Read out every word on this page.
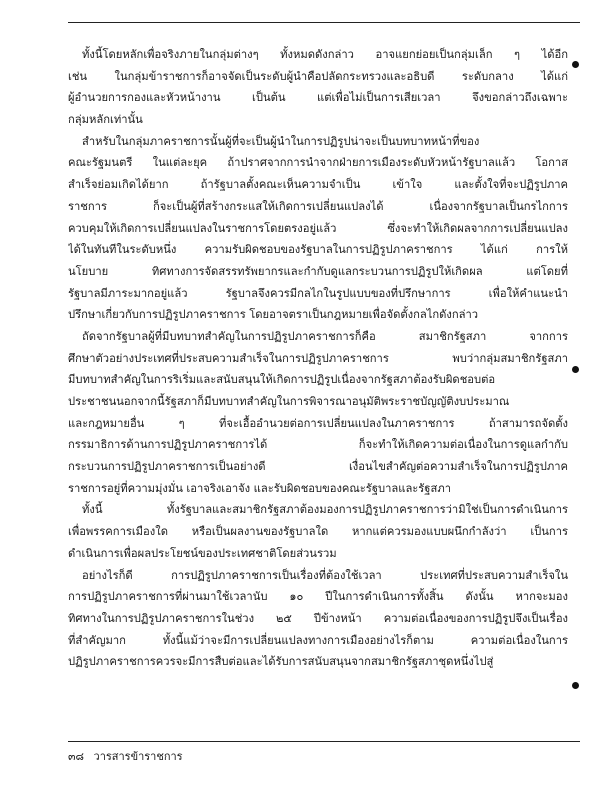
ทั้งนี้โดยหลักเพื่อจริงภายในกลุ่มต่างๆ ทั้งหมดดังกล่าว อาจแยกย่อยเป็นกลุ่มเล็ก ๆ ได้อีก
เช่น ในกลุ่มข้าราชการก็อาจจัดเป็นระดับผู้นำคือปลัดกระทรวงและอธิบดี ระดับกลาง ได้แก่
ผู้อำนวยการกองและหัวหน้างาน เป็นต้น แต่เพื่อไม่เป็นการเสียเวลา จึงขอกล่าวถึงเฉพาะ
กลุ่มหลักเท่านั้น
สำหรับในกลุ่มภาคราชการนั้นผู้ที่จะเป็นผู้นำในการปฏิรูปน่าจะเป็นบทบาทหน้าที่ของ
คณะรัฐมนตรี ในแต่ละยุค ถ้าปราศจากการนำจากฝ่ายการเมืองระดับหัวหน้ารัฐบาลแล้ว โอกาส
สำเร็จย่อมเกิดได้ยาก ถ้ารัฐบาลตั้งคณะเห็นความจำเป็น เข้าใจ และตั้งใจที่จะปฏิรูปภาค
ราชการ ก็จะเป็นผู้ที่สร้างกระแสให้เกิดการเปลี่ยนแปลงได้ เนื่องจากรัฐบาลเป็นกรไกการ
ควบคุมให้เกิดการเปลี่ยนแปลงในราชการโดยตรงอยู่แล้ว ซึ่งจะทำให้เกิดผลจากการเปลี่ยนแปลง
ได้ในทันทีในระดับหนึ่ง ความรับผิดชอบของรัฐบาลในการปฏิรูปภาคราชการ ได้แก่ การให้
นโยบาย ทิศทางการจัดสรรทรัพยากรและกำกับดูแลกระบวนการปฏิรูปให้เกิดผล แต่โดยที่
รัฐบาลมีภาระมากอยู่แล้ว รัฐบาลจึงควรมีกลไกในรูปแบบของที่ปรึกษาการ เพื่อให้คำแนะนำ
ปรึกษาเกี่ยวกับการปฏิรูปภาคราชการ โดยอาจตราเป็นกฎหมายเพื่อจัดตั้งกลไกดังกล่าว
ถัดจากรัฐบาลผู้ที่มีบทบาทสำคัญในการปฏิรูปภาคราชการก็คือ สมาชิกรัฐสภา จากการ
ศึกษาตัวอย่างประเทศที่ประสบความสำเร็จในการปฏิรูปภาคราชการ พบว่ากลุ่มสมาชิกรัฐสภา
มีบทบาทสำคัญในการริเริ่มและสนับสนุนให้เกิดการปฏิรูปเนื่องจากรัฐสภาต้องรับผิดชอบต่อ
ประชาชนนอกจากนี้รัฐสภาก็มีบทบาทสำคัญในการพิจารณาอนุมัติพระราชบัญญัติงบประมาณ
และกฎหมายอื่น ๆ ที่จะเอื้ออำนวยต่อการเปลี่ยนแปลงในภาคราชการ ถ้าสามารถจัดตั้ง
กรรมาธิการด้านการปฏิรูปภาคราชการได้ ก็จะทำให้เกิดความต่อเนื่องในการดูแลกำกับ
กระบวนการปฏิรูปภาคราชการเป็นอย่างดี เงื่อนไขสำคัญต่อความสำเร็จในการปฏิรูปภาค
ราชการอยู่ที่ความมุ่งมั่น เอาจริงเอาจัง และรับผิดชอบของคณะรัฐบาลและรัฐสภา
ทั้งนี้ ทั้งรัฐบาลและสมาชิกรัฐสภาต้องมองการปฏิรูปภาคราชการว่ามิใช่เป็นการดำเนินการ
เพื่อพรรคการเมืองใด หรือเป็นผลงานของรัฐบาลใด หากแต่ควรมองแบบผนึกกำลังว่า เป็นการ
ดำเนินการเพื่อผลประโยชน์ของประเทศชาติโดยส่วนรวม
อย่างไรก็ดี การปฏิรูปภาคราชการเป็นเรื่องที่ต้องใช้เวลา ประเทศที่ประสบความสำเร็จใน
การปฏิรูปภาคราชการที่ผ่านมาใช้เวลานับ ๑๐ ปีในการดำเนินการทั้งสิ้น ดังนั้น หากจะมอง
ทิศทางในการปฏิรูปภาคราชการในช่วง ๒๕ ปีข้างหน้า ความต่อเนื่องของการปฏิรูปจึงเป็นเรื่อง
ที่สำคัญมาก ทั้งนี้แม้ว่าจะมีการเปลี่ยนแปลงทางการเมืองอย่างไรก็ตาม ความต่อเนื่องในการ
ปฏิรูปภาคราชการควรจะมีการสืบต่อและได้รับการสนับสนุนจากสมาชิกรัฐสภาชุดหนึ่งไปสู่
๓๘ วารสารข้าราชการ
